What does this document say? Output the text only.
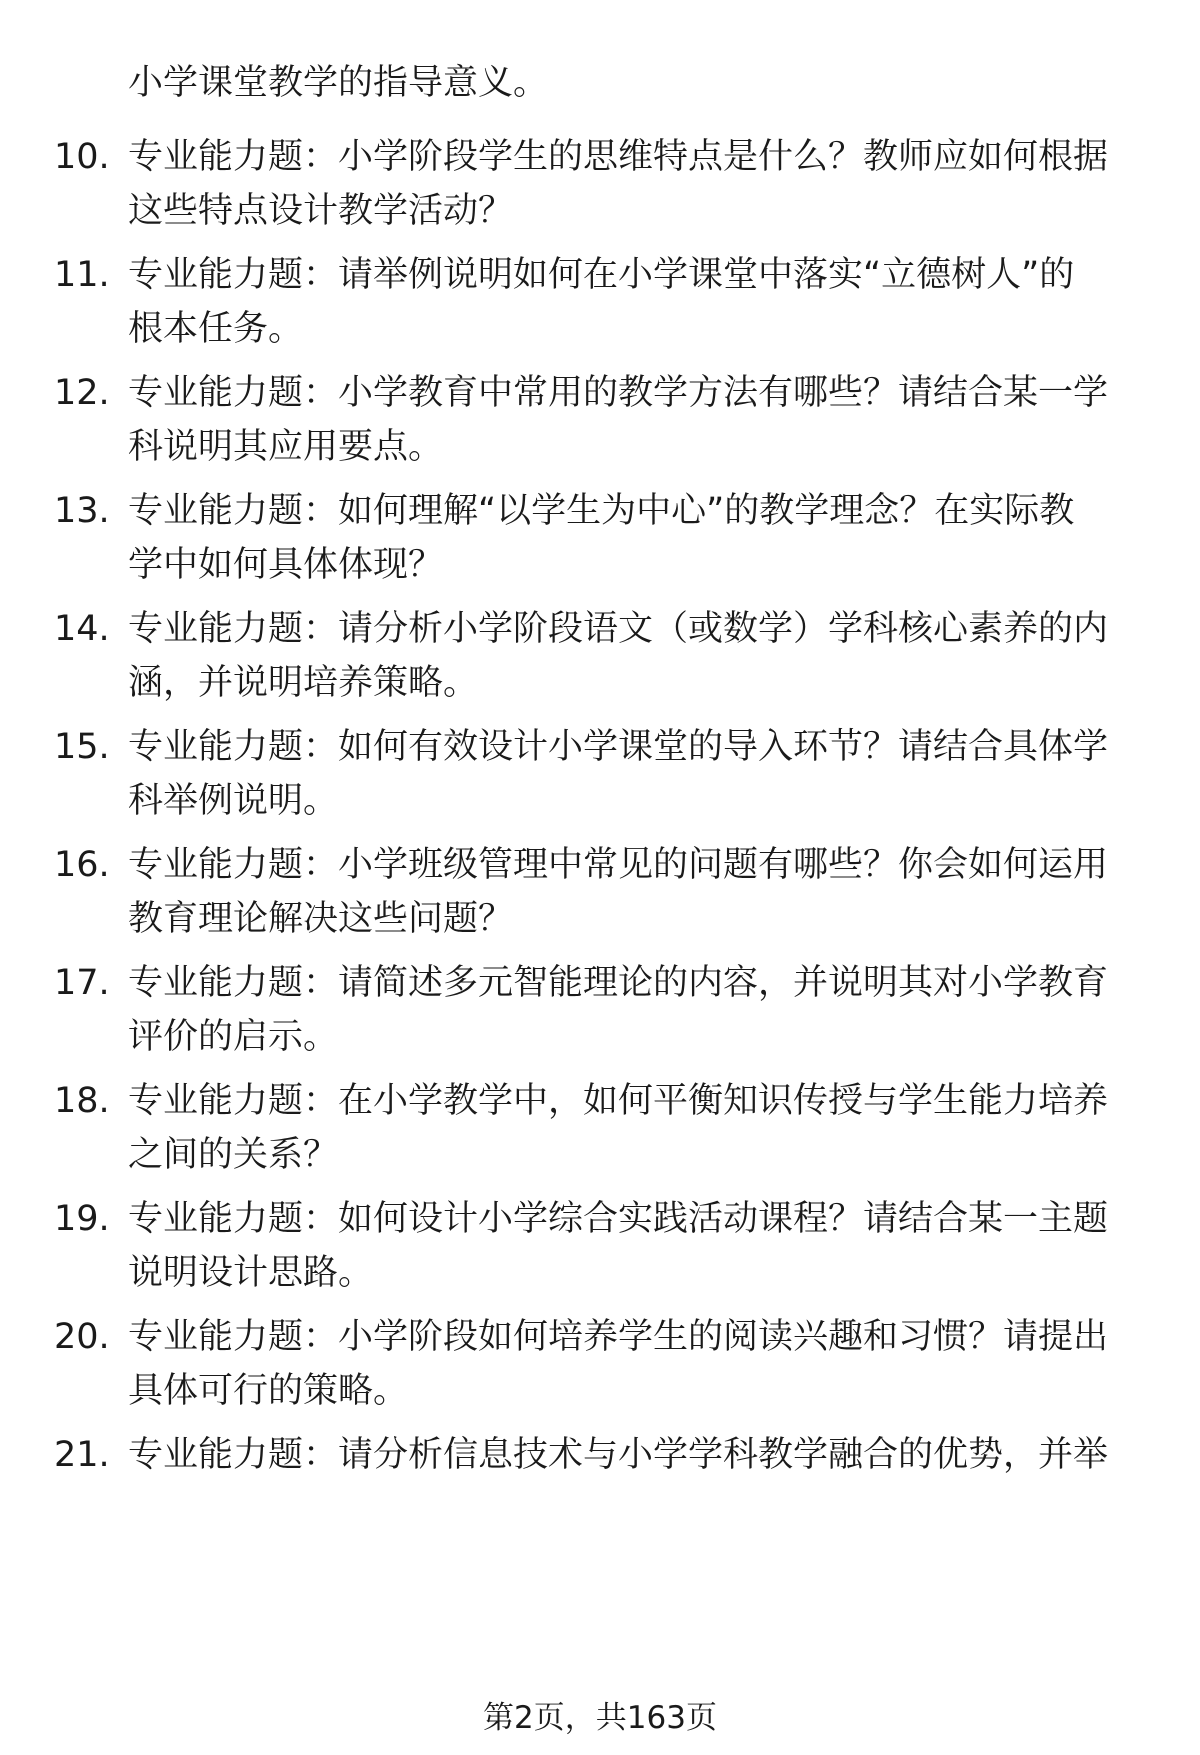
小学课堂教学的指导意义。
10. 专业能力题：小学阶段学生的思维特点是什么？教师应如何根据
这些特点设计教学活动？
11. 专业能力题：请举例说明如何在小学课堂中落实“立德树人”的
根本任务。
12. 专业能力题：小学教育中常用的教学方法有哪些？请结合某一学
科说明其应用要点。
13. 专业能力题：如何理解“以学生为中心”的教学理念？在实际教
学中如何具体体现？
14. 专业能力题：请分析小学阶段语文（或数学）学科核心素养的内
涵，并说明培养策略。
15. 专业能力题：如何有效设计小学课堂的导入环节？请结合具体学
科举例说明。
16. 专业能力题：小学班级管理中常见的问题有哪些？你会如何运用
教育理论解决这些问题？
17. 专业能力题：请简述多元智能理论的内容，并说明其对小学教育
评价的启示。
18. 专业能力题：在小学教学中，如何平衡知识传授与学生能力培养
之间的关系？
19. 专业能力题：如何设计小学综合实践活动课程？请结合某一主题
说明设计思路。
20. 专业能力题：小学阶段如何培养学生的阅读兴趣和习惯？请提出
具体可行的策略。
21. 专业能力题：请分析信息技术与小学学科教学融合的优势，并举
第2页，共163页
